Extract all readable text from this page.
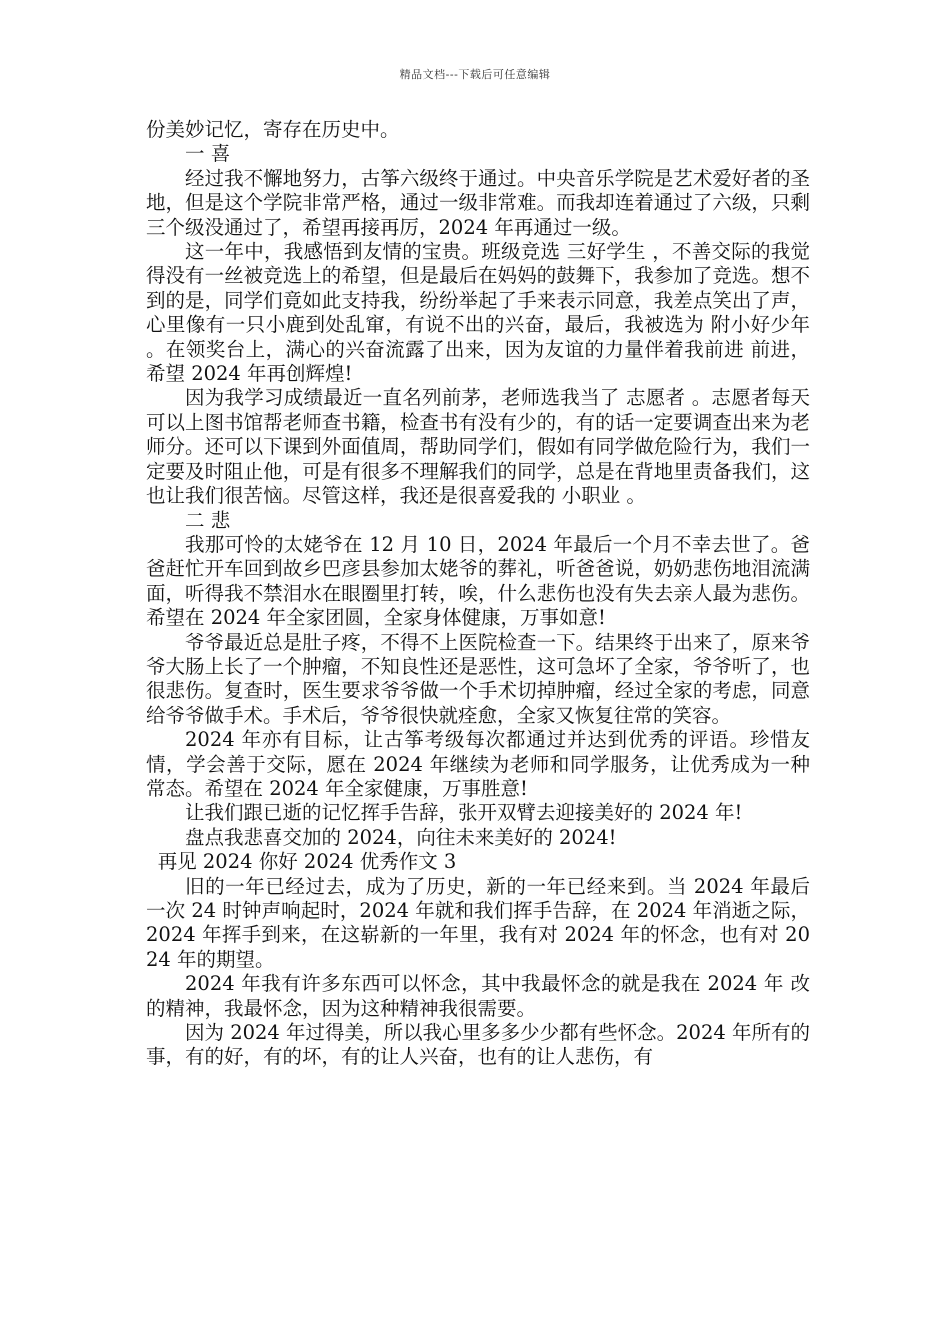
精品文档---下载后可任意编辑

份美妙记忆，寄存在历史中。

一 喜

经过我不懈地努力，古筝六级终于通过。中央音乐学院是艺术爱好者的圣地，但是这个学院非常严格，通过一级非常难。而我却连着通过了六级，只剩三个级没通过了，希望再接再厉，2024 年再通过一级。

这一年中，我感悟到友情的宝贵。班级竞选 三好学生 ，不善交际的我觉得没有一丝被竞选上的希望，但是最后在妈妈的鼓舞下，我参加了竞选。想不到的是，同学们竟如此支持我，纷纷举起了手来表示同意，我差点笑出了声，心里像有一只小鹿到处乱窜，有说不出的兴奋，最后，我被选为 附小好少年 。在领奖台上，满心的兴奋流露了出来，因为友谊的力量伴着我前进 前进，希望 2024 年再创辉煌!

因为我学习成绩最近一直名列前茅，老师选我当了 志愿者 。志愿者每天可以上图书馆帮老师查书籍，检查书有没有少的，有的话一定要调查出来为老师分。还可以下课到外面值周，帮助同学们，假如有同学做危险行为，我们一定要及时阻止他，可是有很多不理解我们的同学，总是在背地里责备我们，这也让我们很苦恼。尽管这样，我还是很喜爱我的 小职业 。

二 悲

我那可怜的太姥爷在 12 月 10 日，2024 年最后一个月不幸去世了。爸爸赶忙开车回到故乡巴彦县参加太姥爷的葬礼，听爸爸说，奶奶悲伤地泪流满面，听得我不禁泪水在眼圈里打转，唉，什么悲伤也没有失去亲人最为悲伤。希望在 2024 年全家团圆，全家身体健康，万事如意!

爷爷最近总是肚子疼，不得不上医院检查一下。结果终于出来了，原来爷爷大肠上长了一个肿瘤，不知良性还是恶性，这可急坏了全家，爷爷听了，也很悲伤。复查时，医生要求爷爷做一个手术切掉肿瘤，经过全家的考虑，同意给爷爷做手术。手术后，爷爷很快就痊愈，全家又恢复往常的笑容。

2024 年亦有目标，让古筝考级每次都通过并达到优秀的评语。珍惜友情，学会善于交际，愿在 2024 年继续为老师和同学服务，让优秀成为一种常态。希望在 2024 年全家健康，万事胜意!

让我们跟已逝的记忆挥手告辞，张开双臂去迎接美好的 2024 年!

盘点我悲喜交加的 2024，向往未来美好的 2024!

再见 2024 你好 2024 优秀作文 3

旧的一年已经过去，成为了历史，新的一年已经来到。当 2024 年最后一次 24 时钟声响起时，2024 年就和我们挥手告辞，在 2024 年消逝之际，2024 年挥手到来，在这崭新的一年里，我有对 2024 年的怀念，也有对 2024 年的期望。

2024 年我有许多东西可以怀念，其中我最怀念的就是我在 2024 年 改 的精神，我最怀念，因为这种精神我很需要。

因为 2024 年过得美，所以我心里多多少少都有些怀念。2024 年所有的事，有的好，有的坏，有的让人兴奋，也有的让人悲伤，有
